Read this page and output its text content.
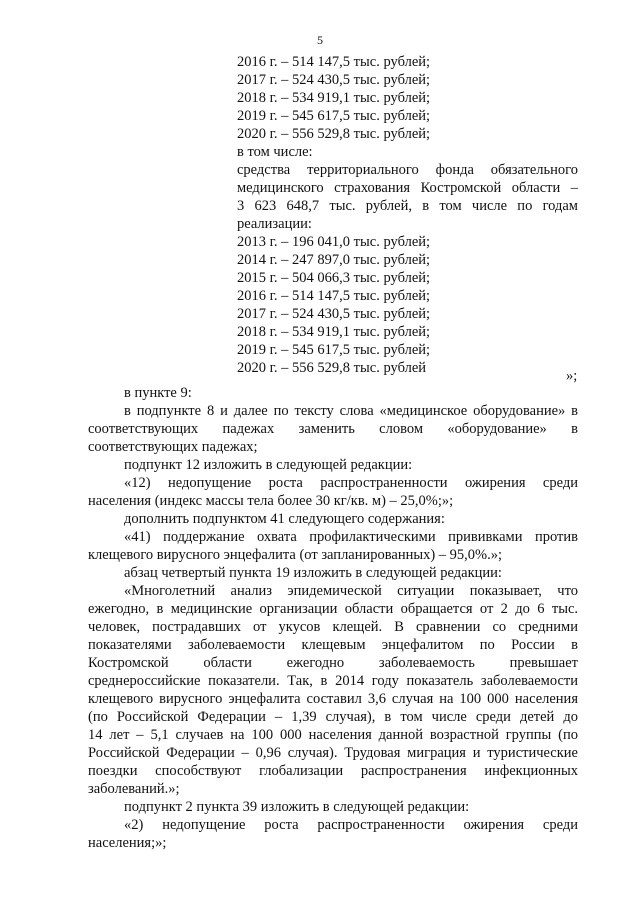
5
2016 г. – 514 147,5 тыс. рублей;
2017 г. – 524 430,5 тыс. рублей;
2018 г. – 534 919,1 тыс. рублей;
2019 г. – 545 617,5 тыс. рублей;
2020 г. – 556 529,8 тыс. рублей;
в том числе:
средства территориального фонда обязательного
медицинского страхования Костромской области –
3 623 648,7 тыс. рублей, в том числе по годам
реализации:
2013 г. – 196 041,0 тыс. рублей;
2014 г. – 247 897,0 тыс. рублей;
2015 г. – 504 066,3 тыс. рублей;
2016 г. – 514 147,5 тыс. рублей;
2017 г. – 524 430,5 тыс. рублей;
2018 г. – 534 919,1 тыс. рублей;
2019 г. – 545 617,5 тыс. рублей;
2020 г. – 556 529,8 тыс. рублей	»;
в пункте 9:
в подпункте 8 и далее по тексту слова «медицинское оборудование» в
соответствующих падежах заменить словом «оборудование» в
соответствующих падежах;
подпункт 12 изложить в следующей редакции:
«12) недопущение роста распространенности ожирения среди
населения (индекс массы тела более 30 кг/кв. м) – 25,0%;»;
дополнить подпунктом 41 следующего содержания:
«41) поддержание охвата профилактическими прививками против
клещевого вирусного энцефалита (от запланированных) – 95,0%.»;
абзац четвертый пункта 19 изложить в следующей редакции:
«Многолетний анализ эпидемической ситуации показывает, что
ежегодно, в медицинские организации области обращается от 2 до 6 тыс.
человек, пострадавших от укусов клещей. В сравнении со средними
показателями заболеваемости клещевым энцефалитом по России в
Костромской области ежегодно заболеваемость превышает
среднероссийские показатели. Так, в 2014 году показатель заболеваемости
клещевого вирусного энцефалита составил 3,6 случая на 100 000 населения
(по Российской Федерации – 1,39 случая), в том числе среди детей до
14 лет – 5,1 случаев на 100 000 населения данной возрастной группы (по
Российской Федерации – 0,96 случая). Трудовая миграция и туристические
поездки способствуют глобализации распространения инфекционных
заболеваний.»;
подпункт 2 пункта 39 изложить в следующей редакции:
«2) недопущение роста распространенности ожирения среди
населения;»;
